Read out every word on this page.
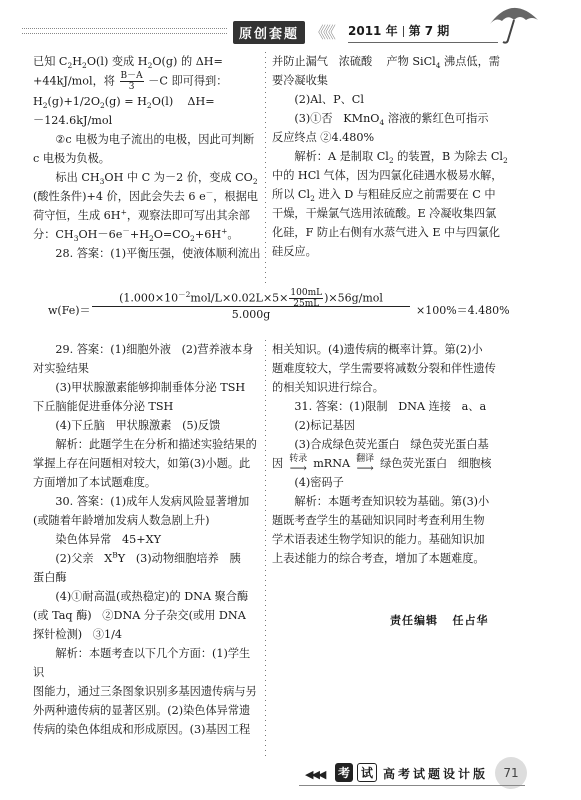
原创套题 《《《 2011 年 第 7 期

已知 $C_2H_2O(l)$ 变成 $H_2O(g)$ 的 ΔH=

+44kJ/mol，将 $\frac{B-A}{3} -C$ 即可得到：

$H_2(g)+1/2O_2(g) = H_2O(l)$    ΔH=

－124.6kJ/mol

②c 电极为电子流出的电极，因此可判断

c 电极为负极。

标出 $CH_3OH$ 中 C 为－2 价，变成 $CO_2$

(酸性条件)+4 价，因此会失去 6 e－，根据电

荷守恒，生成 6H+，观察法即可写出其余部

分：$CH_3OH-6e^-+H_2O=CO_2+6H^+$。

28. 答案：(1)平衡压强，使液体顺利流出

并防止漏气   浓硫酸    产物 SiCl$_4$ 沸点低，需

要冷凝收集

(2)Al、P、Cl

(3)①否   KMnO$_4$ 溶液的紫红色可指示

反应终点 ②4.480%

解析：A 是制取 $Cl_2$ 的装置，B 为除去 $Cl_2$

中的 HCl 气体，因为四氯化硅遇水极易水解，

所以 $Cl_2$ 进入 D 与粗硅反应之前需要在 C 中

干燥，干燥氯气选用浓硫酸。E 冷凝收集四氯

化硅，F 防止右侧有水蒸气进入 E 中与四氯化

硅反应。

w(Fe)＝
$(1.000\times 10^{-2}mol/L\times 0.02L\times 5\times \frac{100mL}{25mL} )\times 56g/mol$
5.000g	×100%＝4.480%

29. 答案：(1)细胞外液   (2)营养液本身

对实验结果

(3)甲状腺激素能够抑制垂体分泌 TSH

下丘脑能促进垂体分泌 TSH

(4)下丘脑   甲状腺激素   (5)反馈

解析：此题学生在分析和描述实验结果的

掌握上存在问题相对较大，如第(3)小题。此

方面增加了本试题难度。

30. 答案：(1)成年人发病风险显著增加

(或随着年龄增加发病人数急剧上升)

染色体异常   45+XY

(2)父亲   $X^BY$   (3)动物细胞培养   胰

蛋白酶

(4)①耐高温(或热稳定)的 DNA 聚合酶

(或 Taq 酶)   ②DNA 分子杂交(或用 DNA

探针检测)   ③1/4

解析：本题考查以下几个方面：(1)学生识

图能力，通过三条图象识别多基因遗传病与另

外两种遗传病的显著区别。(2)染色体异常遗

传病的染色体组成和形成原因。(3)基因工程

相关知识。(4)遗传病的概率计算。第(2)小

题难度较大，学生需要将减数分裂和伴性遗传

的相关知识进行综合。

31. 答案：(1)限制   DNA 连接   a、a

(2)标记基因

(3)合成绿色荧光蛋白   绿色荧光蛋白基

因 转录
⟶ mRNA 翻译
⟶ 绿色荧光蛋白   细胞核

(4)密码子

解析：本题考查知识较为基础。第(3)小

题既考查学生的基础知识同时考查利用生物

学术语表述生物学知识的能力。基础知识加

上表述能力的综合考查，增加了本题难度。

责任编辑   任占华
◀◀◀ 考 试 高考试题设计版	71
